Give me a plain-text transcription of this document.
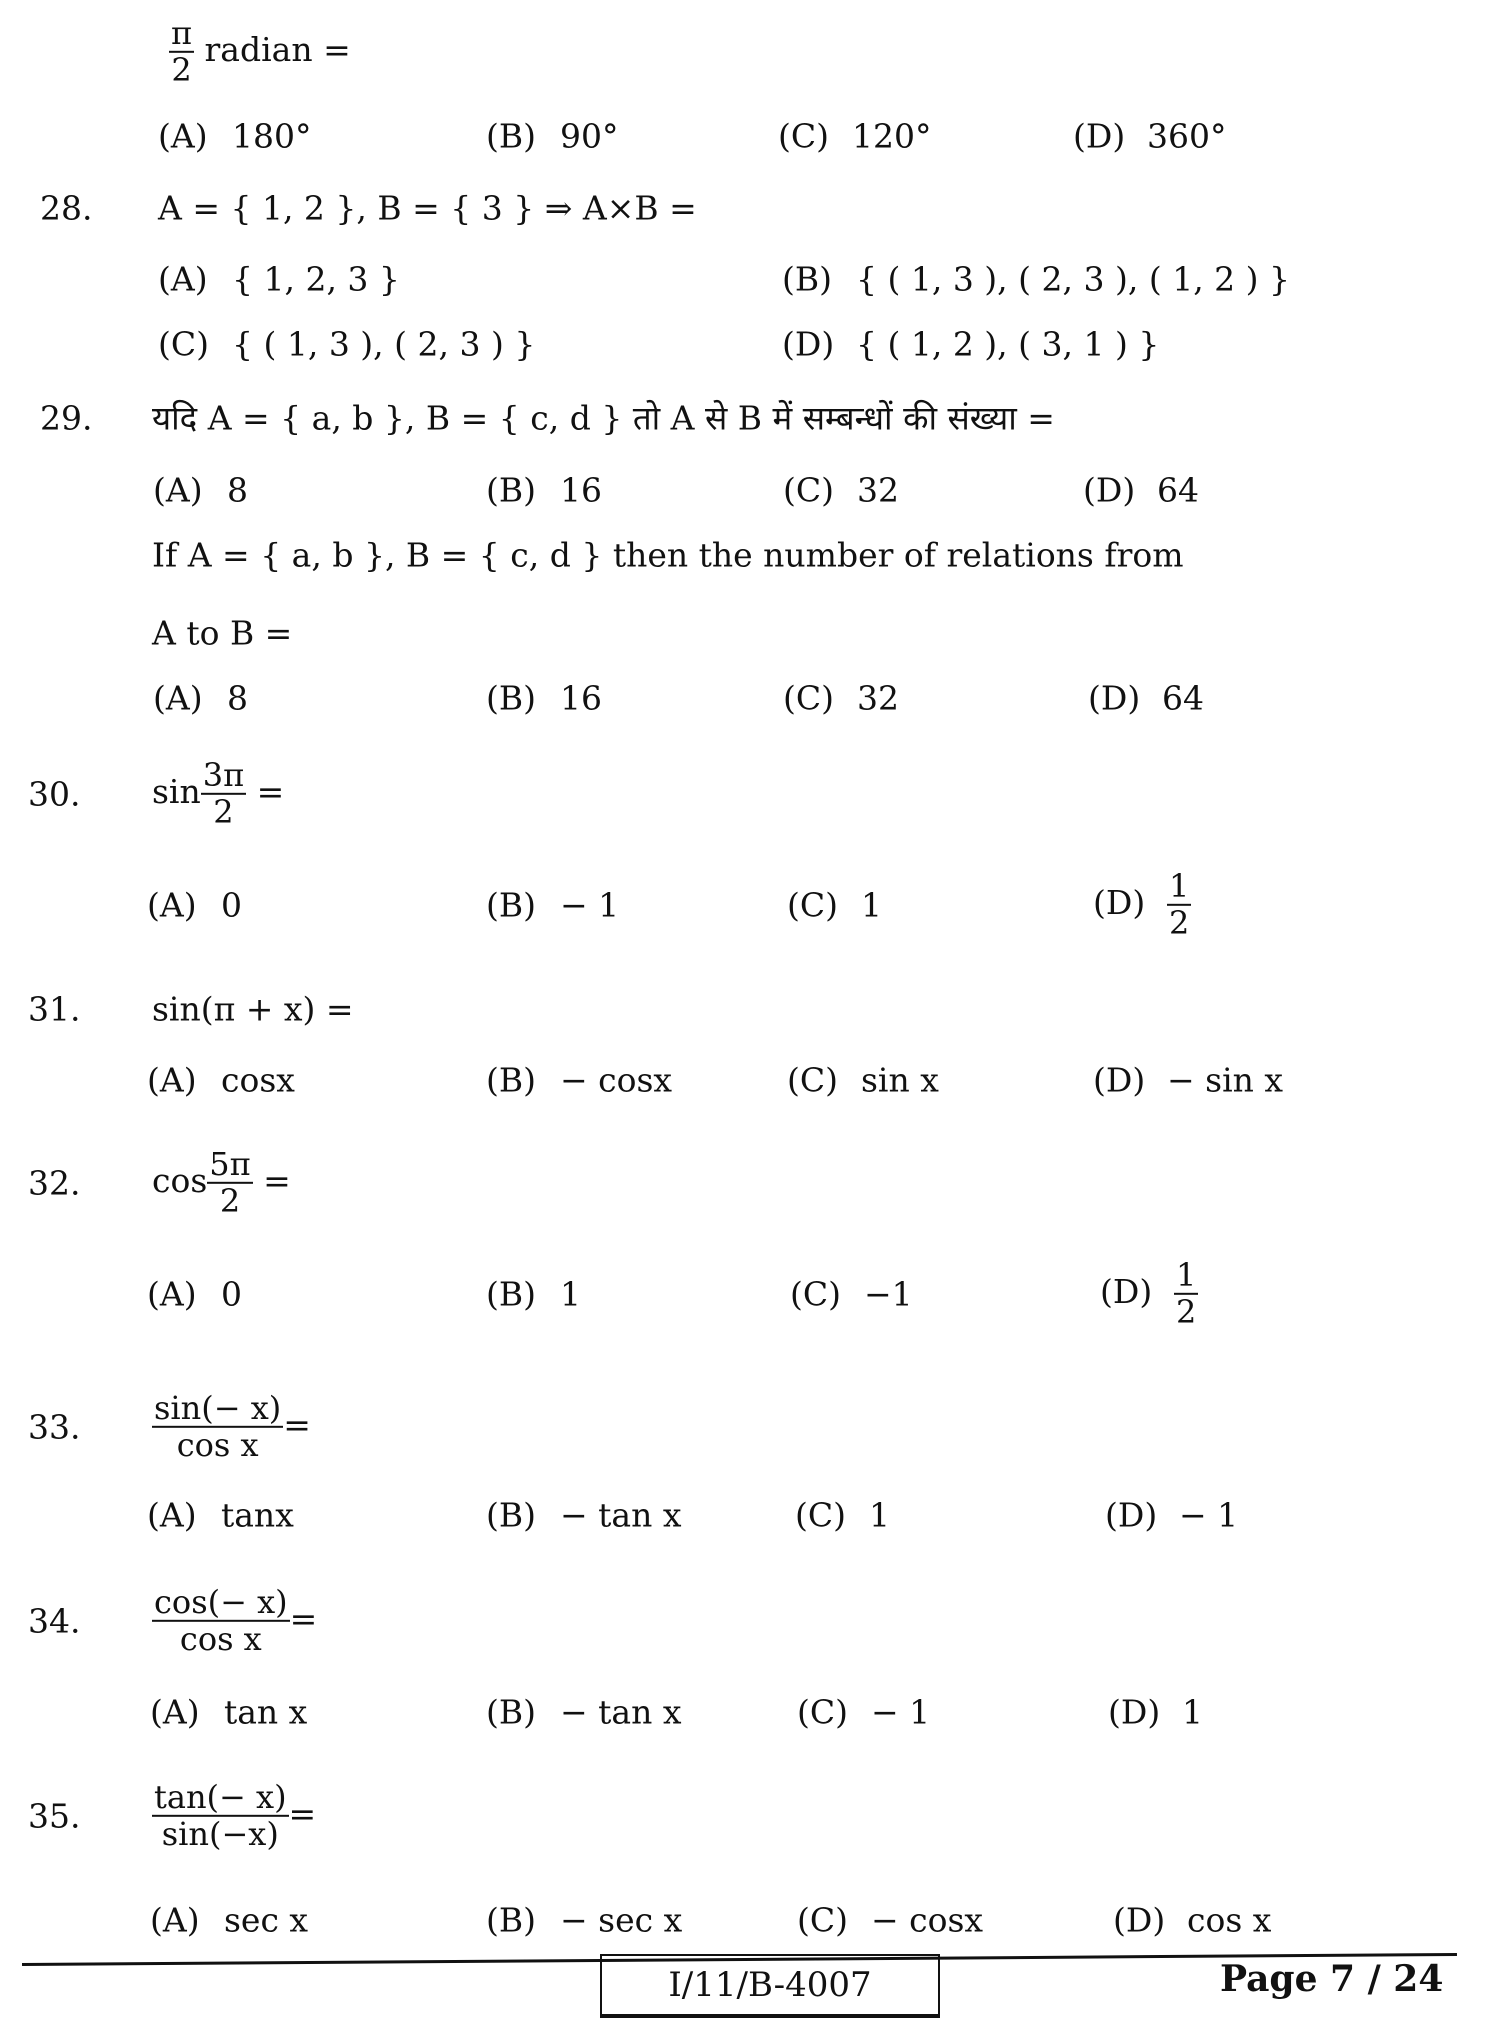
$\frac{\pi}{2}$ radian =
(A) 180°	(B) 90°	(C) 120°	(D) 360°
28. A = { 1, 2 }, B = { 3 } ⇒ A×B =
(A) { 1, 2, 3 }	(B) { ( 1, 3 ), ( 2, 3 ), ( 1, 2 ) }
(C) { ( 1, 3 ), ( 2, 3 ) }	(D) { ( 1, 2 ), ( 3, 1 ) }
29. यदि A = { a, b }, B = { c, d } तो A से B में सम्बन्धों की संख्या =
(A) 8	(B) 16	(C) 32	(D) 64
If A = { a, b }, B = { c, d } then the number of relations from
A to B =
(A) 8	(B) 16	(C) 32	(D) 64
30. $\sin \frac{3\pi}{2}$ =
(A) 0	(B) − 1	(C) 1	$(D) \frac{1}{2}$
31. sin(π + x) =
(A) cosx	(B) − cosx	(C) sin x	(D) − sin x
32. $\cos \frac{5\pi}{2}$ =
(A) 0	(B) 1	(C) −1	$(D) \frac{1}{2}$
33. $\frac{\sin(- x)}{\text{cos x}}$ =
(A) tanx	(B) − tan x	(C) 1	(D) − 1
34. $\frac{\cos(- x)}{\text{cos x}}$ =
(A) tan x	(B) − tan x	(C) − 1	(D) 1
35. $\frac{\tan(- x)}{\sin(-x)}$ =
(A) sec x	(B) − sec x	(C) − cosx	(D) cos x
I/11/B-4007	Page 7 / 24
